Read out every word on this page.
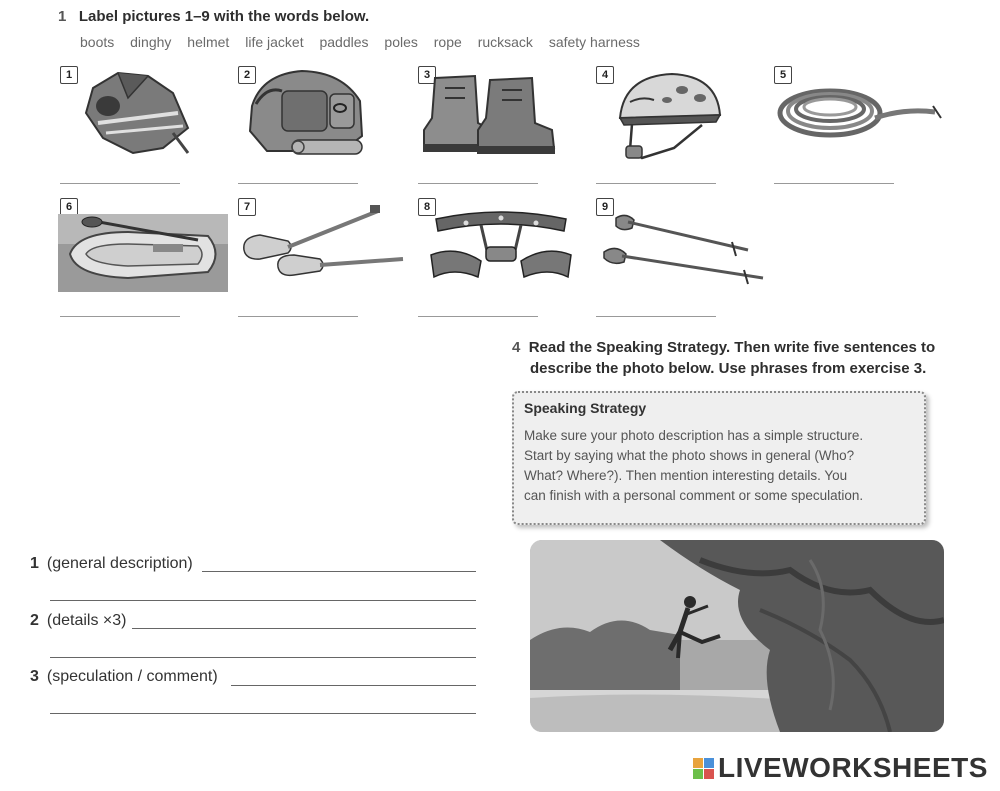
1 Label pictures 1–9 with the words below.
boots dinghy helmet life jacket paddles poles rope rucksack safety harness
1	2	3	4	5
6	7	8	9
4 Read the Speaking Strategy. Then write five sentences to
describe the photo below. Use phrases from exercise 3.
Speaking Strategy
Make sure your photo description has a simple structure.
Start by saying what the photo shows in general (Who?
What? Where?). Then mention interesting details. You
can finish with a personal comment or some speculation.
1 (general description)
2 (details ×3)
3 (speculation / comment)
LIVEWORKSHEETS
